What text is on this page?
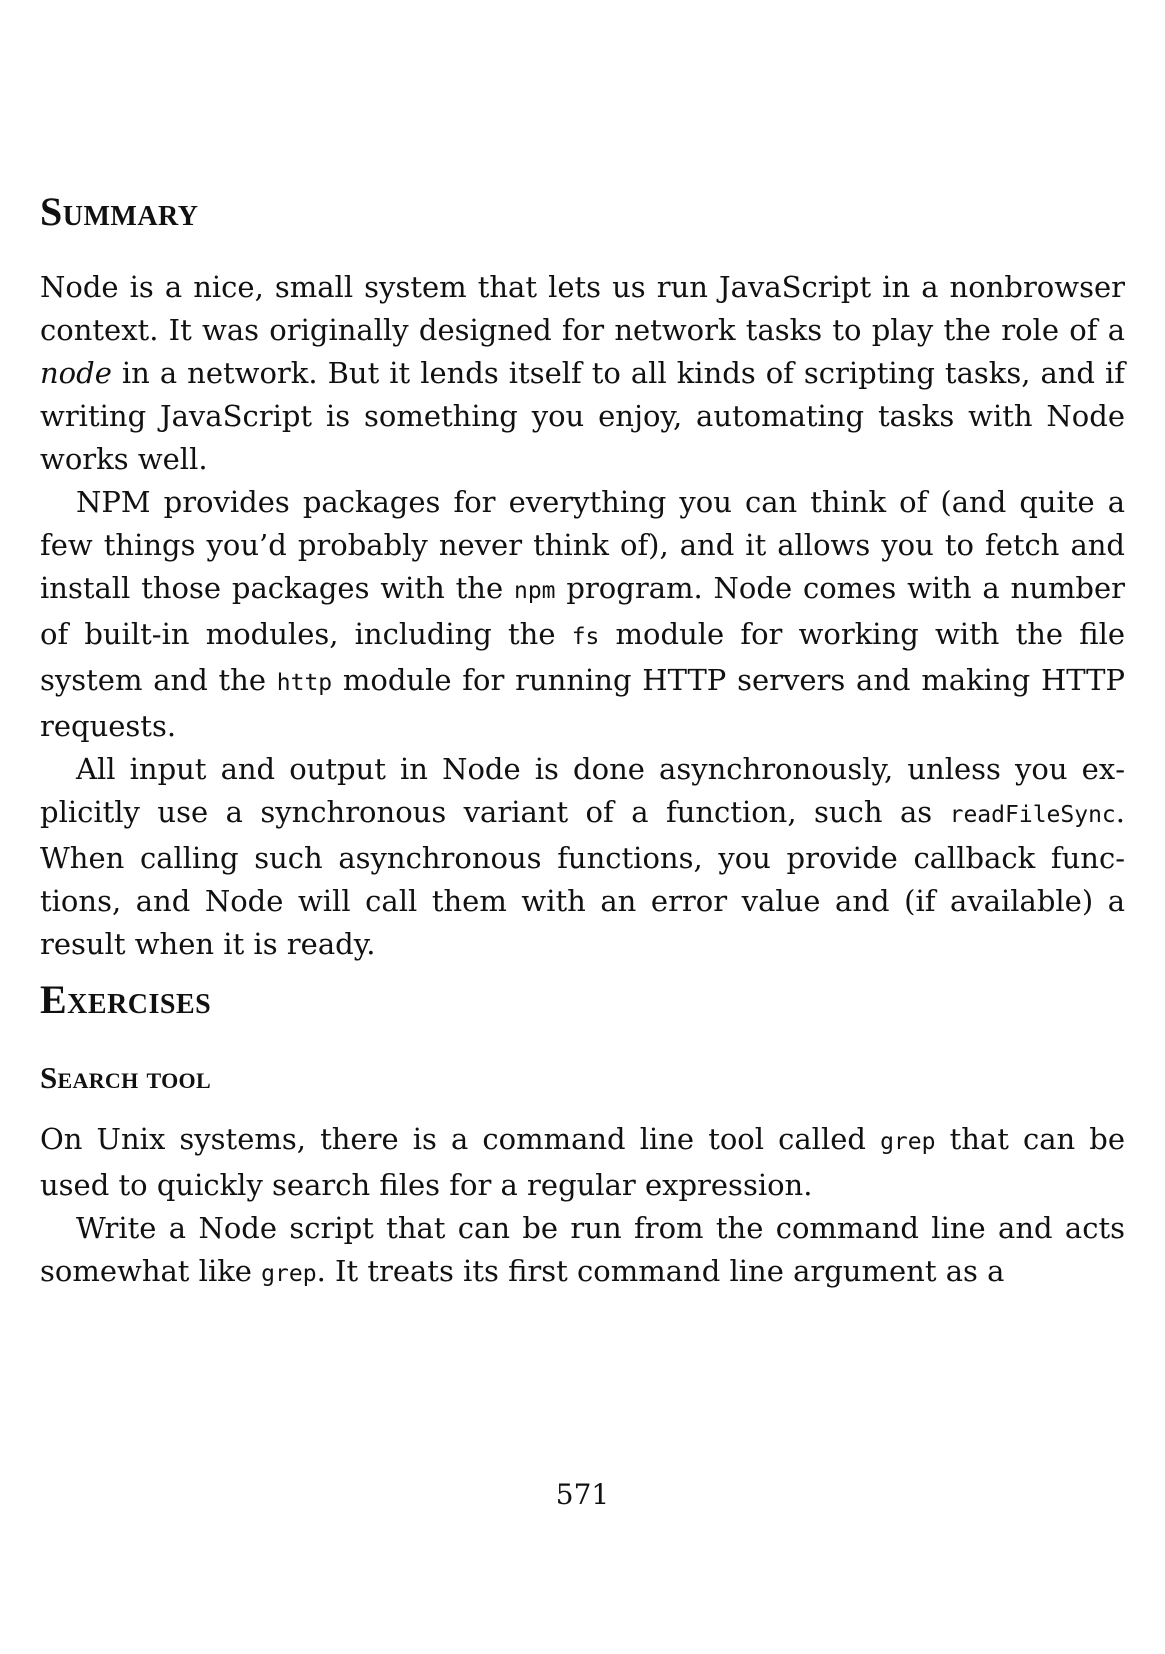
Summary

Node is a nice, small system that lets us run JavaScript in a nonbrowser context. It was originally designed for network tasks to play the role of a node in a network. But it lends itself to all kinds of scripting tasks, and if writing JavaScript is something you enjoy, automating tasks with Node works well.

NPM provides packages for everything you can think of (and quite a few things you’d probably never think of), and it allows you to fetch and install those packages with the npm program. Node comes with a number of built-in modules, including the fs module for working with the file system and the http module for running HTTP servers and making HTTP requests.

All input and output in Node is done asynchronously, unless you explicitly use a synchronous variant of a function, such as readFileSync. When calling such asynchronous functions, you provide callback functions, and Node will call them with an error value and (if available) a result when it is ready.

Exercises
Search tool

On Unix systems, there is a command line tool called grep that can be used to quickly search files for a regular expression.

Write a Node script that can be run from the command line and acts somewhat like grep. It treats its first command line argument as a

571
